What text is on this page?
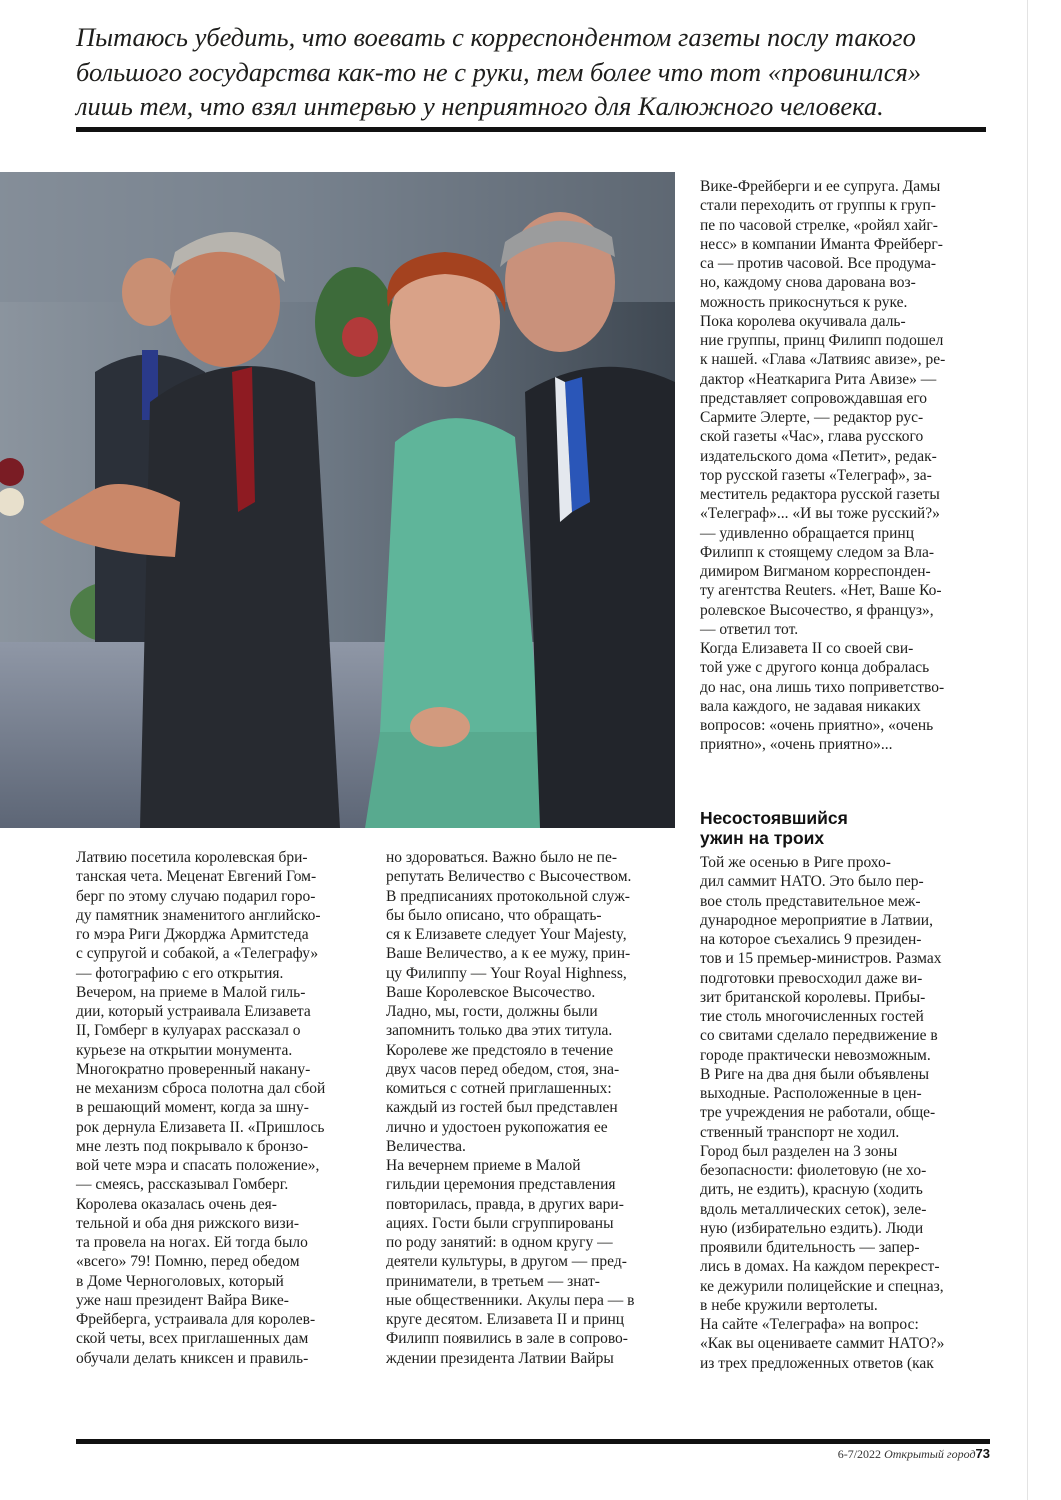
Пытаюсь убедить, что воевать с корреспондентом газеты послу такого
большого государства как-то не с руки, тем более что тот «провинился»
лишь тем, что взял интервью у неприятного для Калюжного человека.
Вике-Фрейберги и ее супруга. Дамы
стали переходить от группы к груп-
пе по часовой стрелке, «ройял хайг-
несс» в компании Иманта Фрейберг-
са — против часовой. Все продума-
но, каждому снова дарована воз-
можность прикоснуться к руке.
Пока королева окучивала даль-
ние группы, принц Филипп подошел
к нашей. «Глава «Латвияс авизе», ре-
дактор «Неаткарига Рита Авизе» —
представляет сопровождавшая его
Сармите Элерте, — редактор рус-
ской газеты «Час», глава русского
издательского дома «Петит», редак-
тор русской газеты «Телеграф», за-
меститель редактора русской газеты
«Телеграф»... «И вы тоже русский?»
— удивленно обращается принц
Филипп к стоящему следом за Вла-
димиром Вигманом корреспонден-
ту агентства Reuters. «Нет, Ваше Ко-
ролевское Высочество, я француз»,
— ответил тот.
Когда Елизавета II со своей сви-
той уже с другого конца добралась
до нас, она лишь тихо поприветство-
вала каждого, не задавая никаких
вопросов: «очень приятно», «очень
приятно», «очень приятно»...
Несостоявшийся
ужин на троих
Латвию посетила королевская бри-
танская чета. Меценат Евгений Гом-
берг по этому случаю подарил горо-
ду памятник знаменитого английско-
го мэра Риги Джорджа Армитстеда
с супругой и собакой, а «Телеграфу»
— фотографию с его открытия.
Вечером, на приеме в Малой гиль-
дии, который устраивала Елизавета
II, Гомберг в кулуарах рассказал о
курьезе на открытии монумента.
Многократно проверенный накану-
не механизм сброса полотна дал сбой
в решающий момент, когда за шну-
рок дернула Елизавета II. «Пришлось
мне лезть под покрывало к бронзо-
вой чете мэра и спасать положение»,
— смеясь, рассказывал Гомберг.
Королева оказалась очень дея-
тельной и оба дня рижского визи-
та провела на ногах. Ей тогда было
«всего» 79! Помню, перед обедом
в Доме Черноголовых, который
уже наш президент Вайра Вике-
Фрейберга, устраивала для королев-
ской четы, всех приглашенных дам
обучали делать книксен и правиль-
но здороваться. Важно было не пе-
репутать Величество с Высочеством.
В предписаниях протокольной служ-
бы было описано, что обращать-
ся к Елизавете следует Your Majesty,
Ваше Величество, а к ее мужу, прин-
цу Филиппу — Your Royal Highness,
Ваше Королевское Высочество.
Ладно, мы, гости, должны были
запомнить только два этих титула.
Королеве же предстояло в течение
двух часов перед обедом, стоя, зна-
комиться с сотней приглашенных:
каждый из гостей был представлен
лично и удостоен рукопожатия ее
Величества.
На вечернем приеме в Малой
гильдии церемония представления
повторилась, правда, в других вари-
ациях. Гости были сгруппированы
по роду занятий: в одном кругу —
деятели культуры, в другом — пред-
приниматели, в третьем — знат-
ные общественники. Акулы пера — в
круге десятом. Елизавета II и принц
Филипп появились в зале в сопрово-
ждении президента Латвии Вайры
Той же осенью в Риге прохо-
дил саммит НАТО. Это было пер-
вое столь представительное меж-
дународное мероприятие в Латвии,
на которое съехались 9 президен-
тов и 15 премьер-министров. Размах
подготовки превосходил даже ви-
зит британской королевы. Прибы-
тие столь многочисленных гостей
со свитами сделало передвижение в
городе практически невозможным.
В Риге на два дня были объявлены
выходные. Расположенные в цен-
тре учреждения не работали, обще-
ственный транспорт не ходил.
Город был разделен на 3 зоны
безопасности: фиолетовую (не хо-
дить, не ездить), красную (ходить
вдоль металлических сеток), зеле-
ную (избирательно ездить). Люди
проявили бдительность — запер-
лись в домах. На каждом перекрест-
ке дежурили полицейские и спецназ,
в небе кружили вертолеты.
На сайте «Телеграфа» на вопрос:
«Как вы оцениваете саммит НАТО?»
из трех предложенных ответов (как
6-7/2022 Открытый город73
